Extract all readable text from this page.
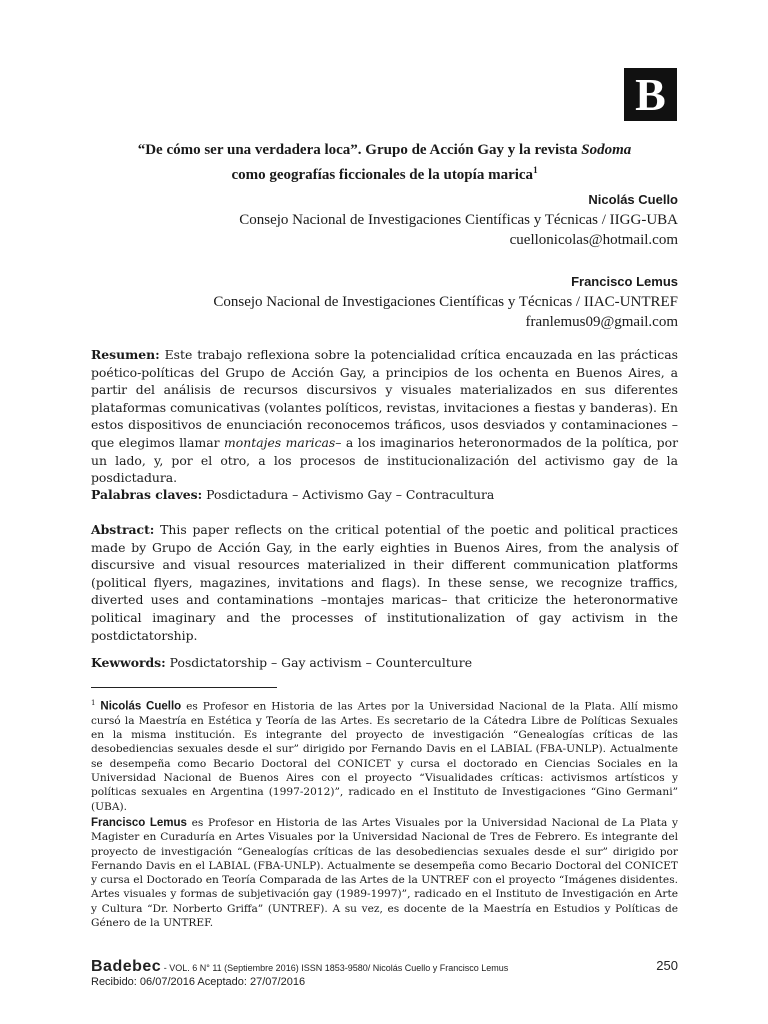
B
“De cómo ser una verdadera loca”. Grupo de Acción Gay y la revista Sodoma
como geografías ficcionales de la utopía marica$^1$
Nicolás Cuello
Consejo Nacional de Investigaciones Científicas y Técnicas / IIGG-UBA
cuellonicolas@hotmail.com
Francisco Lemus
Consejo Nacional de Investigaciones Científicas y Técnicas / IIAC-UNTREF
franlemus09@gmail.com

Resumen: Este trabajo reflexiona sobre la potencialidad crítica encauzada en las prácticas poético-políticas del Grupo de Acción Gay, a principios de los ochenta en Buenos Aires, a partir del análisis de recursos discursivos y visuales materializados en sus diferentes plataformas comunicativas (volantes políticos, revistas, invitaciones a fiestas y banderas). En estos dispositivos de enunciación reconocemos tráficos, usos desviados y contaminaciones –que elegimos llamar montajes maricas– a los imaginarios heteronormados de la política, por un lado, y, por el otro, a los procesos de institucionalización del activismo gay de la posdictadura.

Palabras claves: Posdictadura – Activismo Gay – Contracultura

Abstract: This paper reflects on the critical potential of the poetic and political practices made by Grupo de Acción Gay, in the early eighties in Buenos Aires, from the analysis of discursive and visual resources materialized in their different communication platforms (political flyers, magazines, invitations and flags). In these sense, we recognize traffics, diverted uses and contaminations –montajes maricas– that criticize the heteronormative political imaginary and the processes of institutionalization of gay activism in the postdictatorship.

Kewwords: Posdictatorship – Gay activism – Counterculture

$^1$ Nicolás Cuello es Profesor en Historia de las Artes por la Universidad Nacional de la Plata. Allí mismo cursó la Maestría en Estética y Teoría de las Artes. Es secretario de la Cátedra Libre de Políticas Sexuales en la misma institución. Es integrante del proyecto de investigación “Genealogías críticas de las desobediencias sexuales desde el sur” dirigido por Fernando Davis en el LABIAL (FBA-UNLP). Actualmente se desempeña como Becario Doctoral del CONICET y cursa el doctorado en Ciencias Sociales en la Universidad Nacional de Buenos Aires con el proyecto “Visualidades críticas: activismos artísticos y políticas sexuales en Argentina (1997-2012)”, radicado en el Instituto de Investigaciones “Gino Germani” (UBA).

Francisco Lemus es Profesor en Historia de las Artes Visuales por la Universidad Nacional de La Plata y Magister en Curaduría en Artes Visuales por la Universidad Nacional de Tres de Febrero. Es integrante del proyecto de investigación “Genealogías críticas de las desobediencias sexuales desde el sur” dirigido por Fernando Davis en el LABIAL (FBA-UNLP). Actualmente se desempeña como Becario Doctoral del CONICET y cursa el Doctorado en Teoría Comparada de las Artes de la UNTREF con el proyecto “Imágenes disidentes. Artes visuales y formas de subjetivación gay (1989-1997)”, radicado en el Instituto de Investigación en Arte y Cultura “Dr. Norberto Griffa” (UNTREF). A su vez, es docente de la Maestría en Estudios y Políticas de Género de la UNTREF.

Badebec - VOL. 6 N° 11 (Septiembre 2016) ISSN 1853-9580/ Nicolás Cuello y Francisco Lemus	250
Recibido: 06/07/2016 Aceptado: 27/07/2016
